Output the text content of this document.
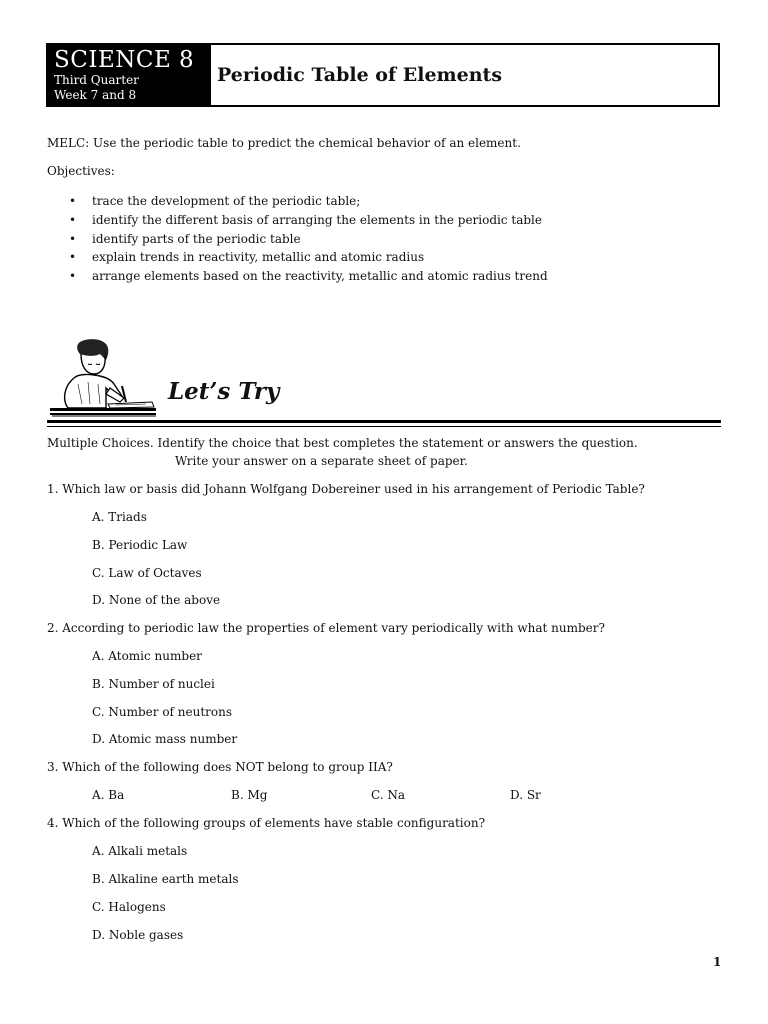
SCIENCE 8
Third Quarter
Week 7 and 8
Periodic Table of Elements
MELC: Use the periodic table to predict the chemical behavior of an element.
Objectives:
• trace the development of the periodic table;
• identify the different basis of arranging the elements in the periodic table
• identify parts of the periodic table
• explain trends in reactivity, metallic and atomic radius
• arrange elements based on the reactivity, metallic and atomic radius trend
Let’s Try
Multiple Choices. Identify the choice that best completes the statement or answers the question.
Write your answer on a separate sheet of paper.
1. Which law or basis did Johann Wolfgang Dobereiner used in his arrangement of Periodic Table?
A. Triads
B. Periodic Law
C. Law of Octaves
D. None of the above
2. According to periodic law the properties of element vary periodically with what number?
A. Atomic number
B. Number of nuclei
C. Number of neutrons
D. Atomic mass number
3. Which of the following does NOT belong to group IIA?
A. Ba	B. Mg	C. Na	D. Sr
4. Which of the following groups of elements have stable configuration?
A. Alkali metals
B. Alkaline earth metals
C. Halogens
D. Noble gases
1
